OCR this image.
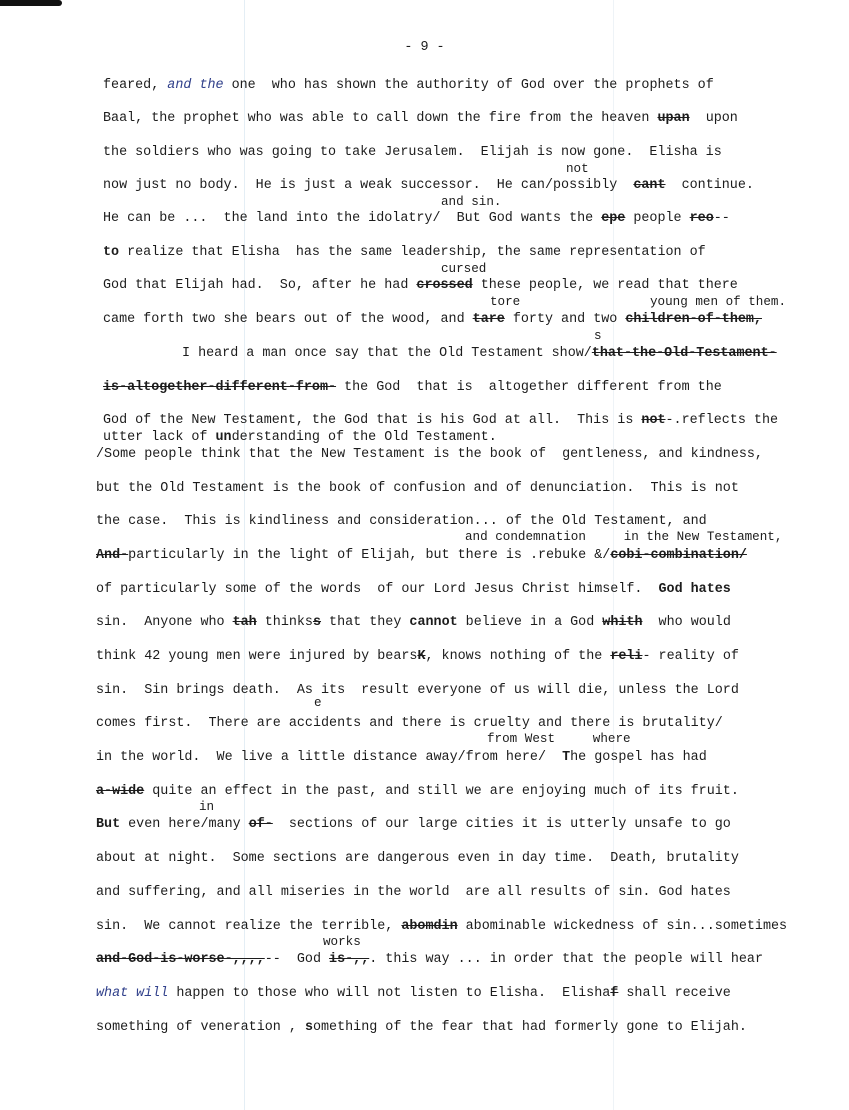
- 9 -
feared, and the one  who has shown the authority of God over the prophets of
Baal, the prophet who was able to call down the fire from the heaven upan  upon
the soldiers who was going to take Jerusalem.  Elijah is now gone.  Elisha is
not
now just no body.  He is just a weak successor.  He can/possibly  cant  continue.
and sin.
He can be ...  the land into the idolatry/  But God wants the epe people reo--
to realize that Elisha  has the same leadership, the same representation of
cursed
God that Elijah had.  So, after he had crossed these people, we read that there
tore	young men of them.
came forth two she bears out of the wood, and tare forty and two children-of-them,
s
I heard a man once say that the Old Testament show/that-the-Old-Testament-
is-altogether-different-from- the God  that is  altogether different from the
God of the New Testament, the God that is his God at all.  This is not-.reflects the
utter lack of understanding of the Old Testament.
/Some people think that the New Testament is the book of  gentleness, and kindness,
but the Old Testament is the book of confusion and of denunciation.  This is not
the case.  This is kindliness and consideration... of the Old Testament, and
and condemnation     in the New Testament,
And-particularly in the light of Elijah, but there is .rebuke &/cobi-combination/
of particularly some of the words  of our Lord Jesus Christ himself.  God hates
sin.  Anyone who tah thinkss that they cannot believe in a God whith  who would
think 42 young men were injured by bearsK, knows nothing of the reli- reality of
sin.  Sin brings death.  As its  result everyone of us will die, unless the Lord
e
comes first.  There are accidents and there is cruelty and there is brutality/
from West     where
in the world.  We live a little distance away/from here/  The gospel has had
a-wide quite an effect in the past, and still we are enjoying much of its fruit.
in
But even here/many of-  sections of our large cities it is utterly unsafe to go
about at night.  Some sections are dangerous even in day time.  Death, brutality
and suffering, and all miseries in the world  are all results of sin. God hates
sin.  We cannot realize the terrible, abomdin abominable wickedness of sin...sometimes
works
and-God-is-worse-,,,,--  God is-,,. this way ... in order that the people will hear
what will happen to those who will not listen to Elisha.  Elishaf shall receive
something of veneration , something of the fear that had formerly gone to Elijah.
